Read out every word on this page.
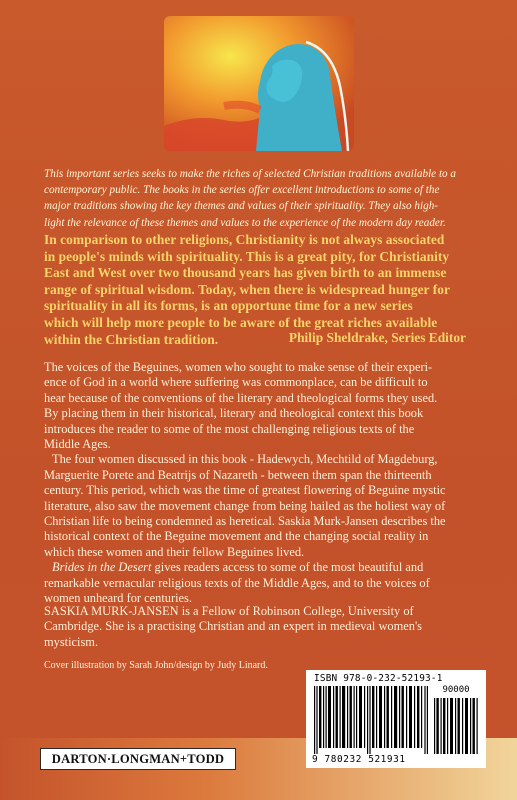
This important series seeks to make the riches of selected Christian traditions available to a
contemporary public. The books in the series offer excellent introductions to some of the
major traditions showing the key themes and values of their spirituality. They also high-
light the relevance of these themes and values to the experience of the modern day reader.
In comparison to other religions, Christianity is not always associated
in people's minds with spirituality. This is a great pity, for Christianity
East and West over two thousand years has given birth to an immense
range of spiritual wisdom. Today, when there is widespread hunger for
spirituality in all its forms, is an opportune time for a new series
which will help more people to be aware of the great riches available
within the Christian tradition.	Philip Sheldrake, Series Editor

The voices of the Beguines, women who sought to make sense of their experi-
ence of God in a world where suffering was commonplace, can be difficult to
hear because of the conventions of the literary and theological forms they used.
By placing them in their historical, literary and theological context this book
introduces the reader to some of the most challenging religious texts of the
Middle Ages.

The four women discussed in this book - Hadewych, Mechtild of Magdeburg,
Marguerite Porete and Beatrijs of Nazareth - between them span the thirteenth
century. This period, which was the time of greatest flowering of Beguine mystic
literature, also saw the movement change from being hailed as the holiest way of
Christian life to being condemned as heretical. Saskia Murk-Jansen describes the
historical context of the Beguine movement and the changing social reality in
which these women and their fellow Beguines lived.

Brides in the Desert gives readers access to some of the most beautiful and
remarkable vernacular religious texts of the Middle Ages, and to the voices of
women unheard for centuries.

SASKIA MURK-JANSEN is a Fellow of Robinson College, University of
Cambridge. She is a practising Christian and an expert in medieval women's
mysticism.
Cover illustration by Sarah John/design by Judy Linard.
ISBN 978-0-232-52193-1
90000
9 780232 521931
DARTON·LONGMAN+TODD
